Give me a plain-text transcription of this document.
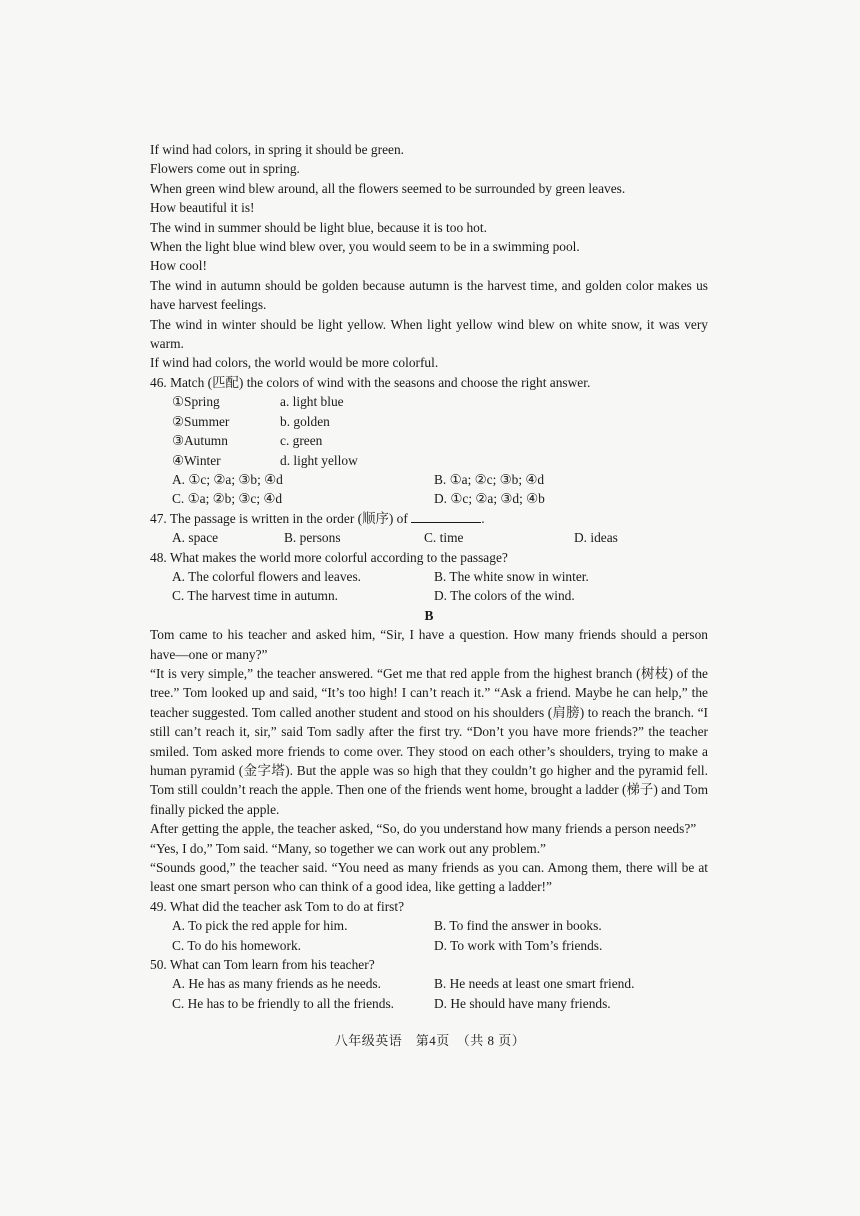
If wind had colors, in spring it should be green.
Flowers come out in spring.
When green wind blew around, all the flowers seemed to be surrounded by green leaves.
How beautiful it is!
The wind in summer should be light blue, because it is too hot.
When the light blue wind blew over, you would seem to be in a swimming pool.
How cool!
The wind in autumn should be golden because autumn is the harvest time, and golden color makes us have harvest feelings.
The wind in winter should be light yellow. When light yellow wind blew on white snow, it was very warm.
If wind had colors, the world would be more colorful.
46. Match (匹配) the colors of wind with the seasons and choose the right answer.
①Spring	a. light blue
②Summer	b. golden
③Autumn	c. green
④Winter	d. light yellow
A. ①c; ②a; ③b; ④d	B. ①a; ②c; ③b; ④d
C. ①a; ②b; ③c; ④d	D. ①c; ②a; ③d; ④b
47. The passage is written in the order (顺序) of	.
A. space	B. persons	C. time	D. ideas
48. What makes the world more colorful according to the passage?
A. The colorful flowers and leaves.	B. The white snow in winter.
C. The harvest time in autumn.	D. The colors of the wind.
B
Tom came to his teacher and asked him, “Sir, I have a question. How many friends should a person have—one or many?”
“It is very simple,” the teacher answered. “Get me that red apple from the highest branch (树枝) of the tree.” Tom looked up and said, “It’s too high! I can’t reach it.” “Ask a friend. Maybe he can help,” the teacher suggested. Tom called another student and stood on his shoulders (肩膀) to reach the branch. “I still can’t reach it, sir,” said Tom sadly after the first try. “Don’t you have more friends?” the teacher smiled. Tom asked more friends to come over. They stood on each other’s shoulders, trying to make a human pyramid (金字塔). But the apple was so high that they couldn’t go higher and the pyramid fell. Tom still couldn’t reach the apple. Then one of the friends went home, brought a ladder (梯子) and Tom finally picked the apple.
After getting the apple, the teacher asked, “So, do you understand how many friends a person needs?”
“Yes, I do,” Tom said. “Many, so together we can work out any problem.”
“Sounds good,” the teacher said. “You need as many friends as you can. Among them, there will be at least one smart person who can think of a good idea, like getting a ladder!”
49. What did the teacher ask Tom to do at first?
A. To pick the red apple for him.	B. To find the answer in books.
C. To do his homework.	D. To work with Tom’s friends.
50. What can Tom learn from his teacher?
A. He has as many friends as he needs.	B. He needs at least one smart friend.
C. He has to be friendly to all the friends.	D. He should have many friends.
八年级英语　第4页　（共 8 页）
